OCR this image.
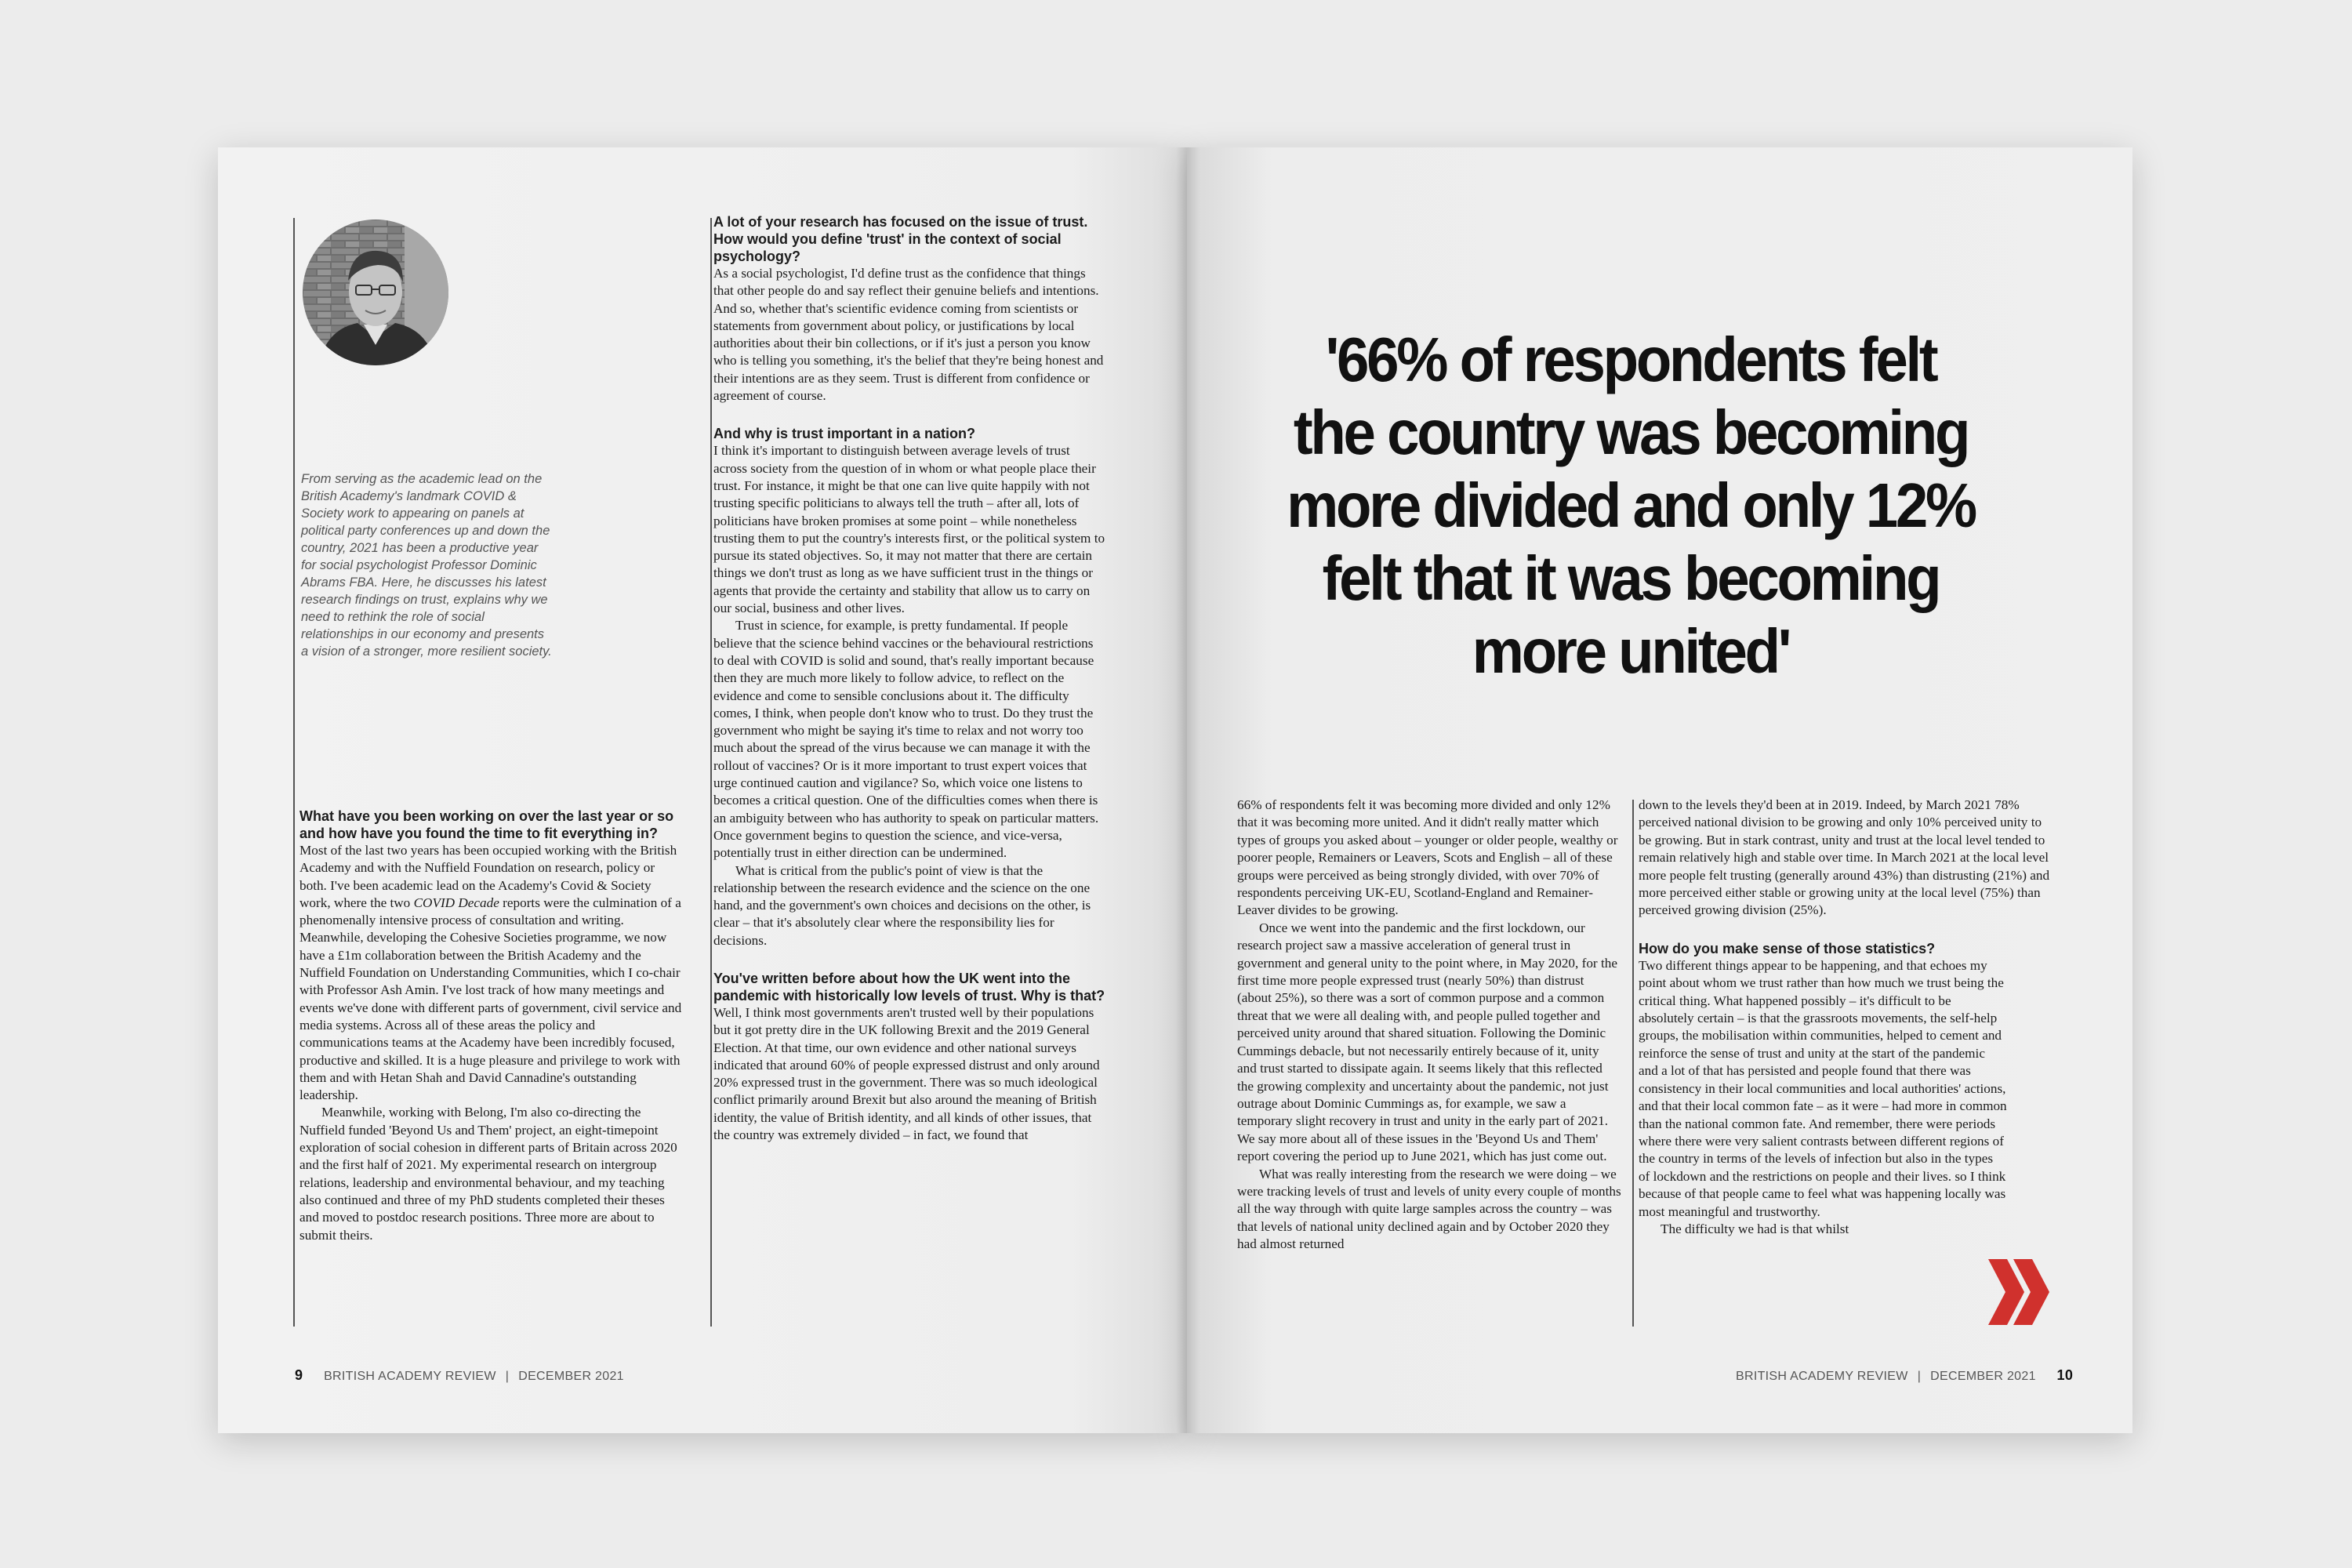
From serving as the academic lead on the British Academy's landmark COVID & Society work to appearing on panels at political party conferences up and down the country, 2021 has been a productive year for social psychologist Professor Dominic Abrams FBA. Here, he discusses his latest research findings on trust, explains why we need to rethink the role of social relationships in our economy and presents a vision of a stronger, more resilient society.

What have you been working on over the last year or so and how have you found the time to fit everything in?

Most of the last two years has been occupied working with the British Academy and with the Nuffield Foundation on research, policy or both. I've been academic lead on the Academy's Covid & Society work, where the two COVID Decade reports were the culmination of a phenomenally intensive process of consultation and writing. Meanwhile, developing the Cohesive Societies programme, we now have a £1m collaboration between the British Academy and the Nuffield Foundation on Understanding Communities, which I co-chair with Professor Ash Amin. I've lost track of how many meetings and events we've done with different parts of government, civil service and media systems. Across all of these areas the policy and communications teams at the Academy have been incredibly focused, productive and skilled. It is a huge pleasure and privilege to work with them and with Hetan Shah and David Cannadine's outstanding leadership.

Meanwhile, working with Belong, I'm also co-directing the Nuffield funded 'Beyond Us and Them' project, an eight-timepoint exploration of social cohesion in different parts of Britain across 2020 and the first half of 2021. My experimental research on intergroup relations, leadership and environmental behaviour, and my teaching also continued and three of my PhD students completed their theses and moved to postdoc research positions. Three more are about to submit theirs.

A lot of your research has focused on the issue of trust. How would you define 'trust' in the context of social psychology?

As a social psychologist, I'd define trust as the confidence that things that other people do and say reflect their genuine beliefs and intentions. And so, whether that's scientific evidence coming from scientists or statements from government about policy, or justifications by local authorities about their bin collections, or if it's just a person you know who is telling you something, it's the belief that they're being honest and their intentions are as they seem. Trust is different from confidence or agreement of course.

And why is trust important in a nation?

I think it's important to distinguish between average levels of trust across society from the question of in whom or what people place their trust. For instance, it might be that one can live quite happily with not trusting specific politicians to always tell the truth – after all, lots of politicians have broken promises at some point – while nonetheless trusting them to put the country's interests first, or the political system to pursue its stated objectives. So, it may not matter that there are certain things we don't trust as long as we have sufficient trust in the things or agents that provide the certainty and stability that allow us to carry on our social, business and other lives.

Trust in science, for example, is pretty fundamental. If people believe that the science behind vaccines or the behavioural restrictions to deal with COVID is solid and sound, that's really important because then they are much more likely to follow advice, to reflect on the evidence and come to sensible conclusions about it. The difficulty comes, I think, when people don't know who to trust. Do they trust the government who might be saying it's time to relax and not worry too much about the spread of the virus because we can manage it with the rollout of vaccines? Or is it more important to trust expert voices that urge continued caution and vigilance? So, which voice one listens to becomes a critical question. One of the difficulties comes when there is an ambiguity between who has authority to speak on particular matters. Once government begins to question the science, and vice-versa, potentially trust in either direction can be undermined.

What is critical from the public's point of view is that the relationship between the research evidence and the science on the one hand, and the government's own choices and decisions on the other, is clear – that it's absolutely clear where the responsibility lies for decisions.

You've written before about how the UK went into the pandemic with historically low levels of trust. Why is that?

Well, I think most governments aren't trusted well by their populations but it got pretty dire in the UK following Brexit and the 2019 General Election. At that time, our own evidence and other national surveys indicated that around 60% of people expressed distrust and only around 20% expressed trust in the government. There was so much ideological conflict primarily around Brexit but also around the meaning of British identity, the value of British identity, and all kinds of other issues, that the country was extremely divided – in fact, we found that

9 BRITISH ACADEMY REVIEW | DECEMBER 2021
'66% of respondents felt the country was becoming more divided and only 12% felt that it was becoming more united'

66% of respondents felt it was becoming more divided and only 12% that it was becoming more united. And it didn't really matter which types of groups you asked about – younger or older people, wealthy or poorer people, Remainers or Leavers, Scots and English – all of these groups were perceived as being strongly divided, with over 70% of respondents perceiving UK-EU, Scotland-England and Remainer-Leaver divides to be growing.

Once we went into the pandemic and the first lockdown, our research project saw a massive acceleration of general trust in government and general unity to the point where, in May 2020, for the first time more people expressed trust (nearly 50%) than distrust (about 25%), so there was a sort of common purpose and a common threat that we were all dealing with, and people pulled together and perceived unity around that shared situation. Following the Dominic Cummings debacle, but not necessarily entirely because of it, unity and trust started to dissipate again. It seems likely that this reflected the growing complexity and uncertainty about the pandemic, not just outrage about Dominic Cummings as, for example, we saw a temporary slight recovery in trust and unity in the early part of 2021. We say more about all of these issues in the 'Beyond Us and Them' report covering the period up to June 2021, which has just come out.

What was really interesting from the research we were doing – we were tracking levels of trust and levels of unity every couple of months all the way through with quite large samples across the country – was that levels of national unity declined again and by October 2020 they had almost returned

down to the levels they'd been at in 2019. Indeed, by March 2021 78% perceived national division to be growing and only 10% perceived unity to be growing. But in stark contrast, unity and trust at the local level tended to remain relatively high and stable over time. In March 2021 at the local level more people felt trusting (generally around 43%) than distrusting (21%) and more perceived either stable or growing unity at the local level (75%) than perceived growing division (25%).

How do you make sense of those statistics?

Two different things appear to be happening, and that echoes my point about whom we trust rather than how much we trust being the critical thing. What happened possibly – it's difficult to be absolutely certain – is that the grassroots movements, the self-help groups, the mobilisation within communities, helped to cement and reinforce the sense of trust and unity at the start of the pandemic and a lot of that has persisted and people found that there was consistency in their local communities and local authorities' actions, and that their local common fate – as it were – had more in common than the national common fate. And remember, there were periods where there were very salient contrasts between different regions of the country in terms of the levels of infection but also in the types of lockdown and the restrictions on people and their lives. so I think because of that people came to feel what was happening locally was most meaningful and trustworthy.

The difficulty we had is that whilst

BRITISH ACADEMY REVIEW | DECEMBER 2021 10
